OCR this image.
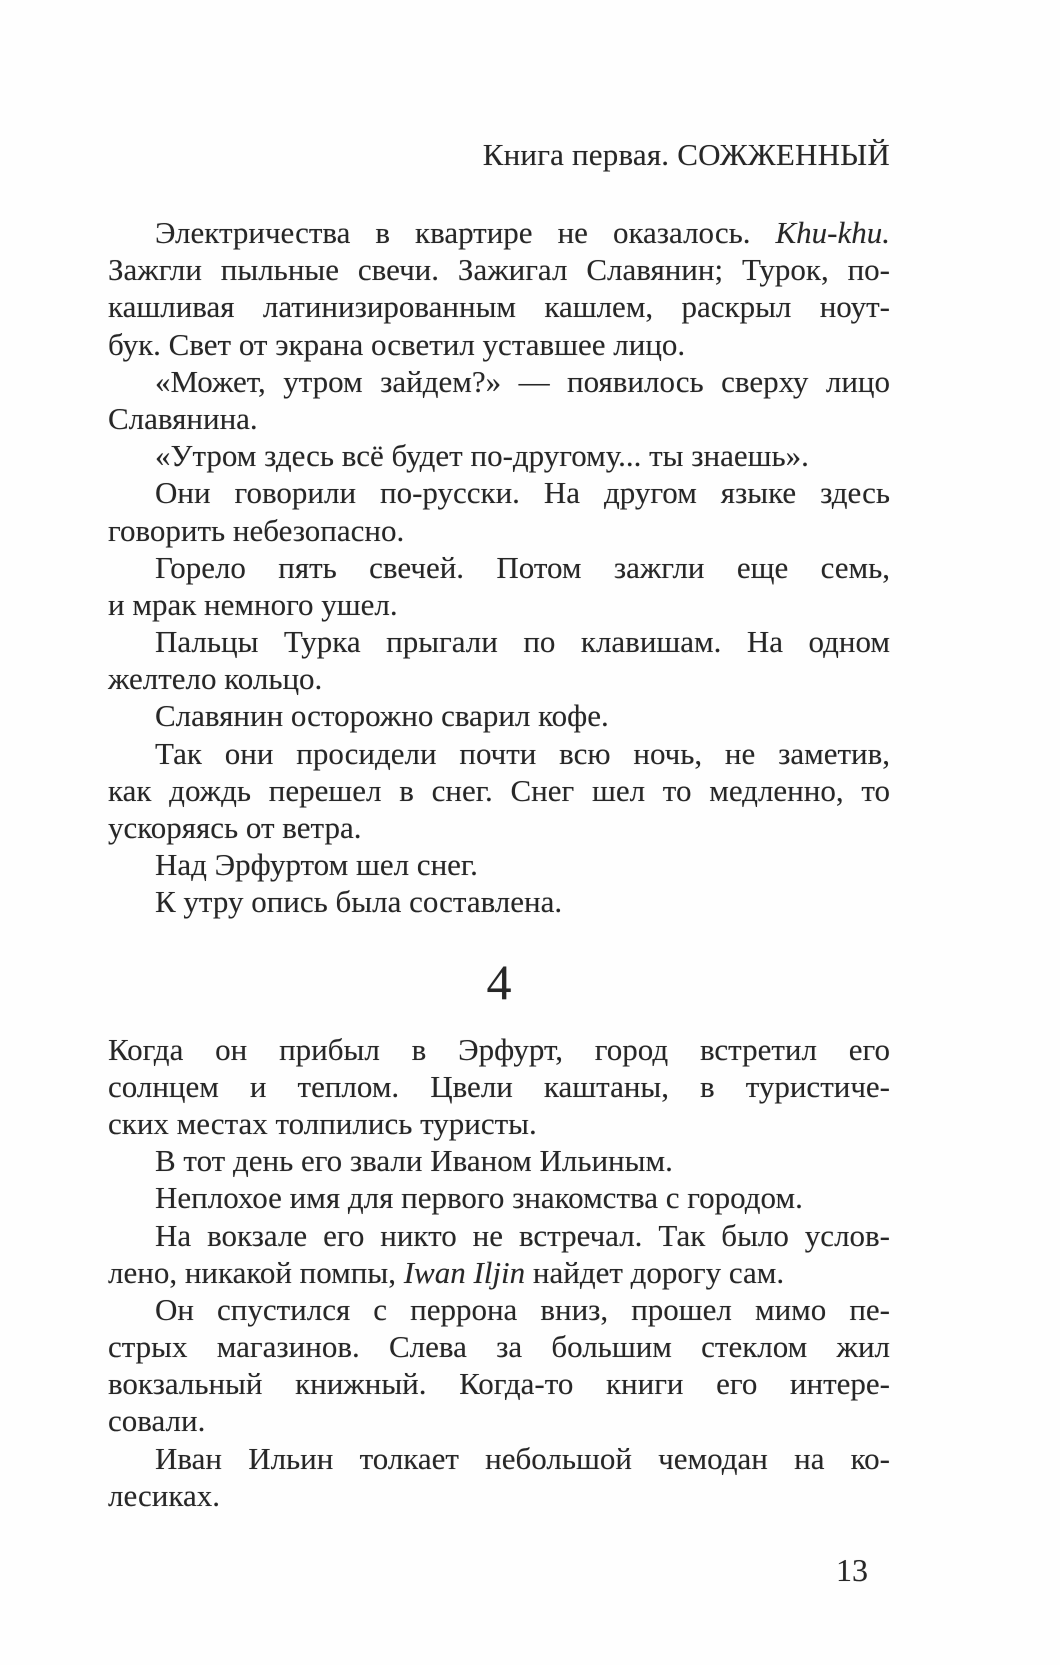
Книга первая. СОЖЖЕННЫЙ
Электричества в квартире не оказалось. Khu-khu.
Зажгли пыльные свечи. Зажигал Славянин; Турок, по-
кашливая латинизированным кашлем, раскрыл ноут-
бук. Свет от экрана осветил уставшее лицо.
«Может, утром зайдем?» — появилось сверху лицо
Славянина.
«Утром здесь всё будет по-другому... ты знаешь».
Они говорили по-русски. На другом языке здесь
говорить небезопасно.
Горело пять свечей. Потом зажгли еще семь,
и мрак немного ушел.
Пальцы Турка прыгали по клавишам. На одном
желтело кольцо.
Славянин осторожно сварил кофе.
Так они просидели почти всю ночь, не заметив,
как дождь перешел в снег. Снег шел то медленно, то
ускоряясь от ветра.
Над Эрфуртом шел снег.
К утру опись была составлена.
4
Когда он прибыл в Эрфурт, город встретил его
солнцем и теплом. Цвели каштаны, в туристиче-
ских местах толпились туристы.
В тот день его звали Иваном Ильиным.
Неплохое имя для первого знакомства с городом.
На вокзале его никто не встречал. Так было услов-
лено, никакой помпы, Iwan Iljin найдет дорогу сам.
Он спустился с перрона вниз, прошел мимо пе-
стрых магазинов. Слева за большим стеклом жил
вокзальный книжный. Когда-то книги его интере-
совали.
Иван Ильин толкает небольшой чемодан на ко-
лесиках.
13
